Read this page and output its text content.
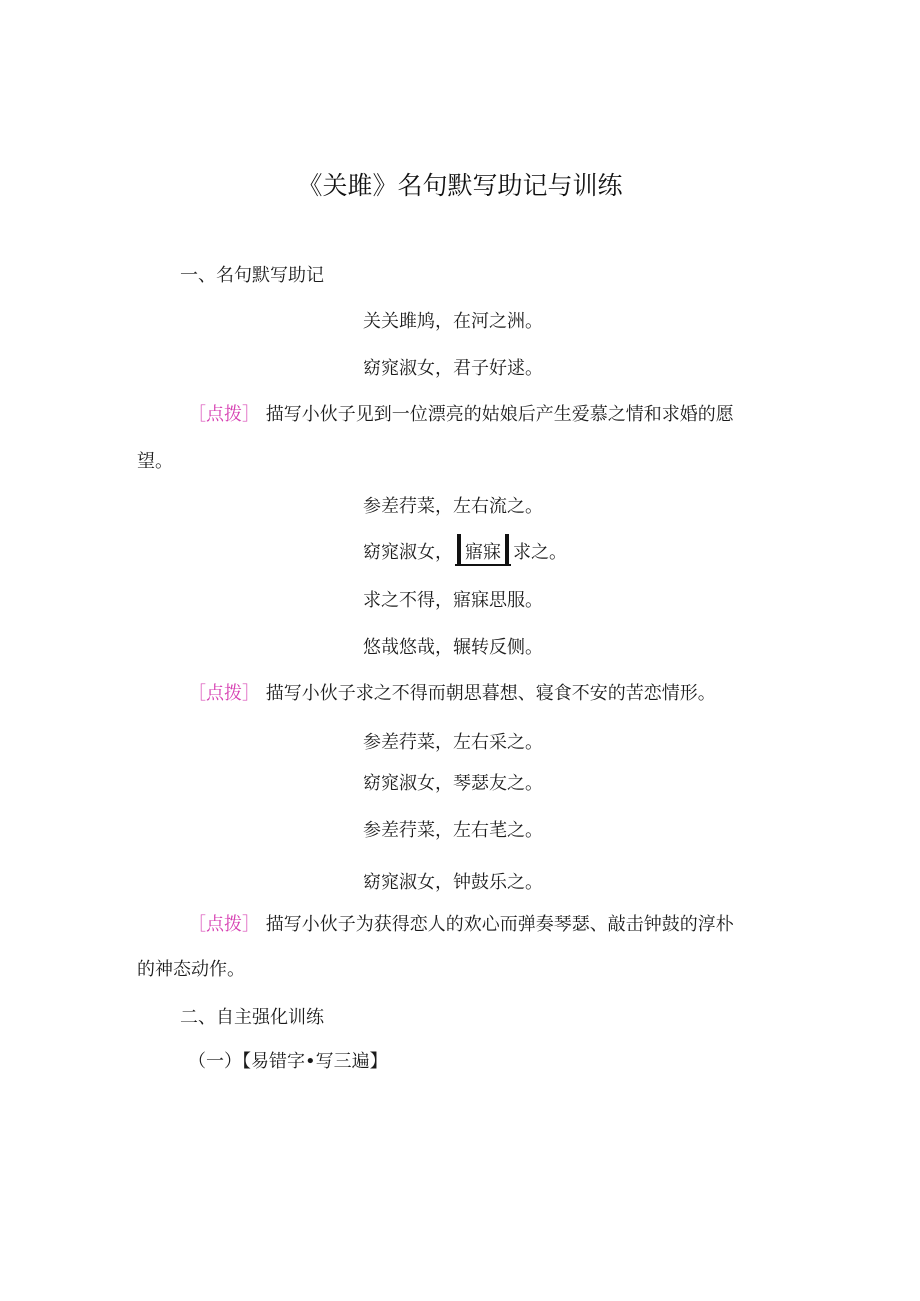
《关雎》名句默写助记与训练
一、名句默写助记
关关雎鸠，在河之洲。
窈窕淑女，君子好逑。
［点拨］ 描写小伙子见到一位漂亮的姑娘后产生爱慕之情和求婚的愿
望。
参差荇菜，左右流之。
窈窕淑女， 寤寐 求之。
求之不得，寤寐思服。
悠哉悠哉，辗转反侧。
［点拨］ 描写小伙子求之不得而朝思暮想、寝食不安的苦恋情形。
参差荇菜，左右采之。
窈窕淑女，琴瑟友之。
参差荇菜，左右芼之。
窈窕淑女，钟鼓乐之。
［点拨］ 描写小伙子为获得恋人的欢心而弹奏琴瑟、敲击钟鼓的淳朴
的神态动作。
二、自主强化训练
（一）【易错字•写三遍】
